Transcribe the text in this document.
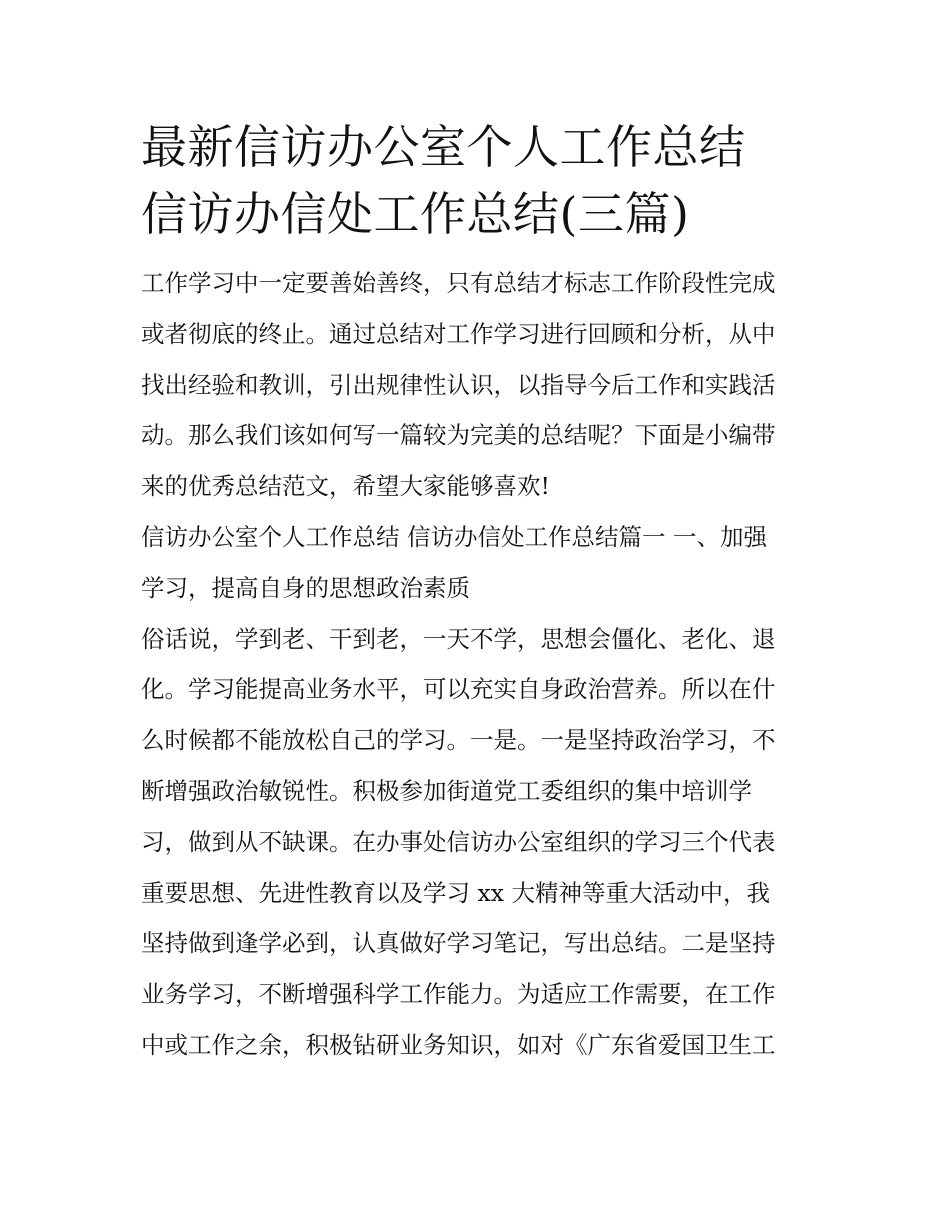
最新信访办公室个人工作总结
信访办信处工作总结(三篇)
工作学习中一定要善始善终，只有总结才标志工作阶段性完成
或者彻底的终止。通过总结对工作学习进行回顾和分析，从中
找出经验和教训，引出规律性认识，以指导今后工作和实践活
动。那么我们该如何写一篇较为完美的总结呢？下面是小编带
来的优秀总结范文，希望大家能够喜欢!
信访办公室个人工作总结 信访办信处工作总结篇一 一、加强
学习，提高自身的思想政治素质
俗话说，学到老、干到老，一天不学，思想会僵化、老化、退
化。学习能提高业务水平，可以充实自身政治营养。所以在什
么时候都不能放松自己的学习。一是。一是坚持政治学习，不
断增强政治敏锐性。积极参加街道党工委组织的集中培训学
习，做到从不缺课。在办事处信访办公室组织的学习三个代表
重要思想、先进性教育以及学习 xx 大精神等重大活动中，我
坚持做到逢学必到，认真做好学习笔记，写出总结。二是坚持
业务学习，不断增强科学工作能力。为适应工作需要，在工作
中或工作之余，积极钻研业务知识，如对《广东省爱国卫生工
